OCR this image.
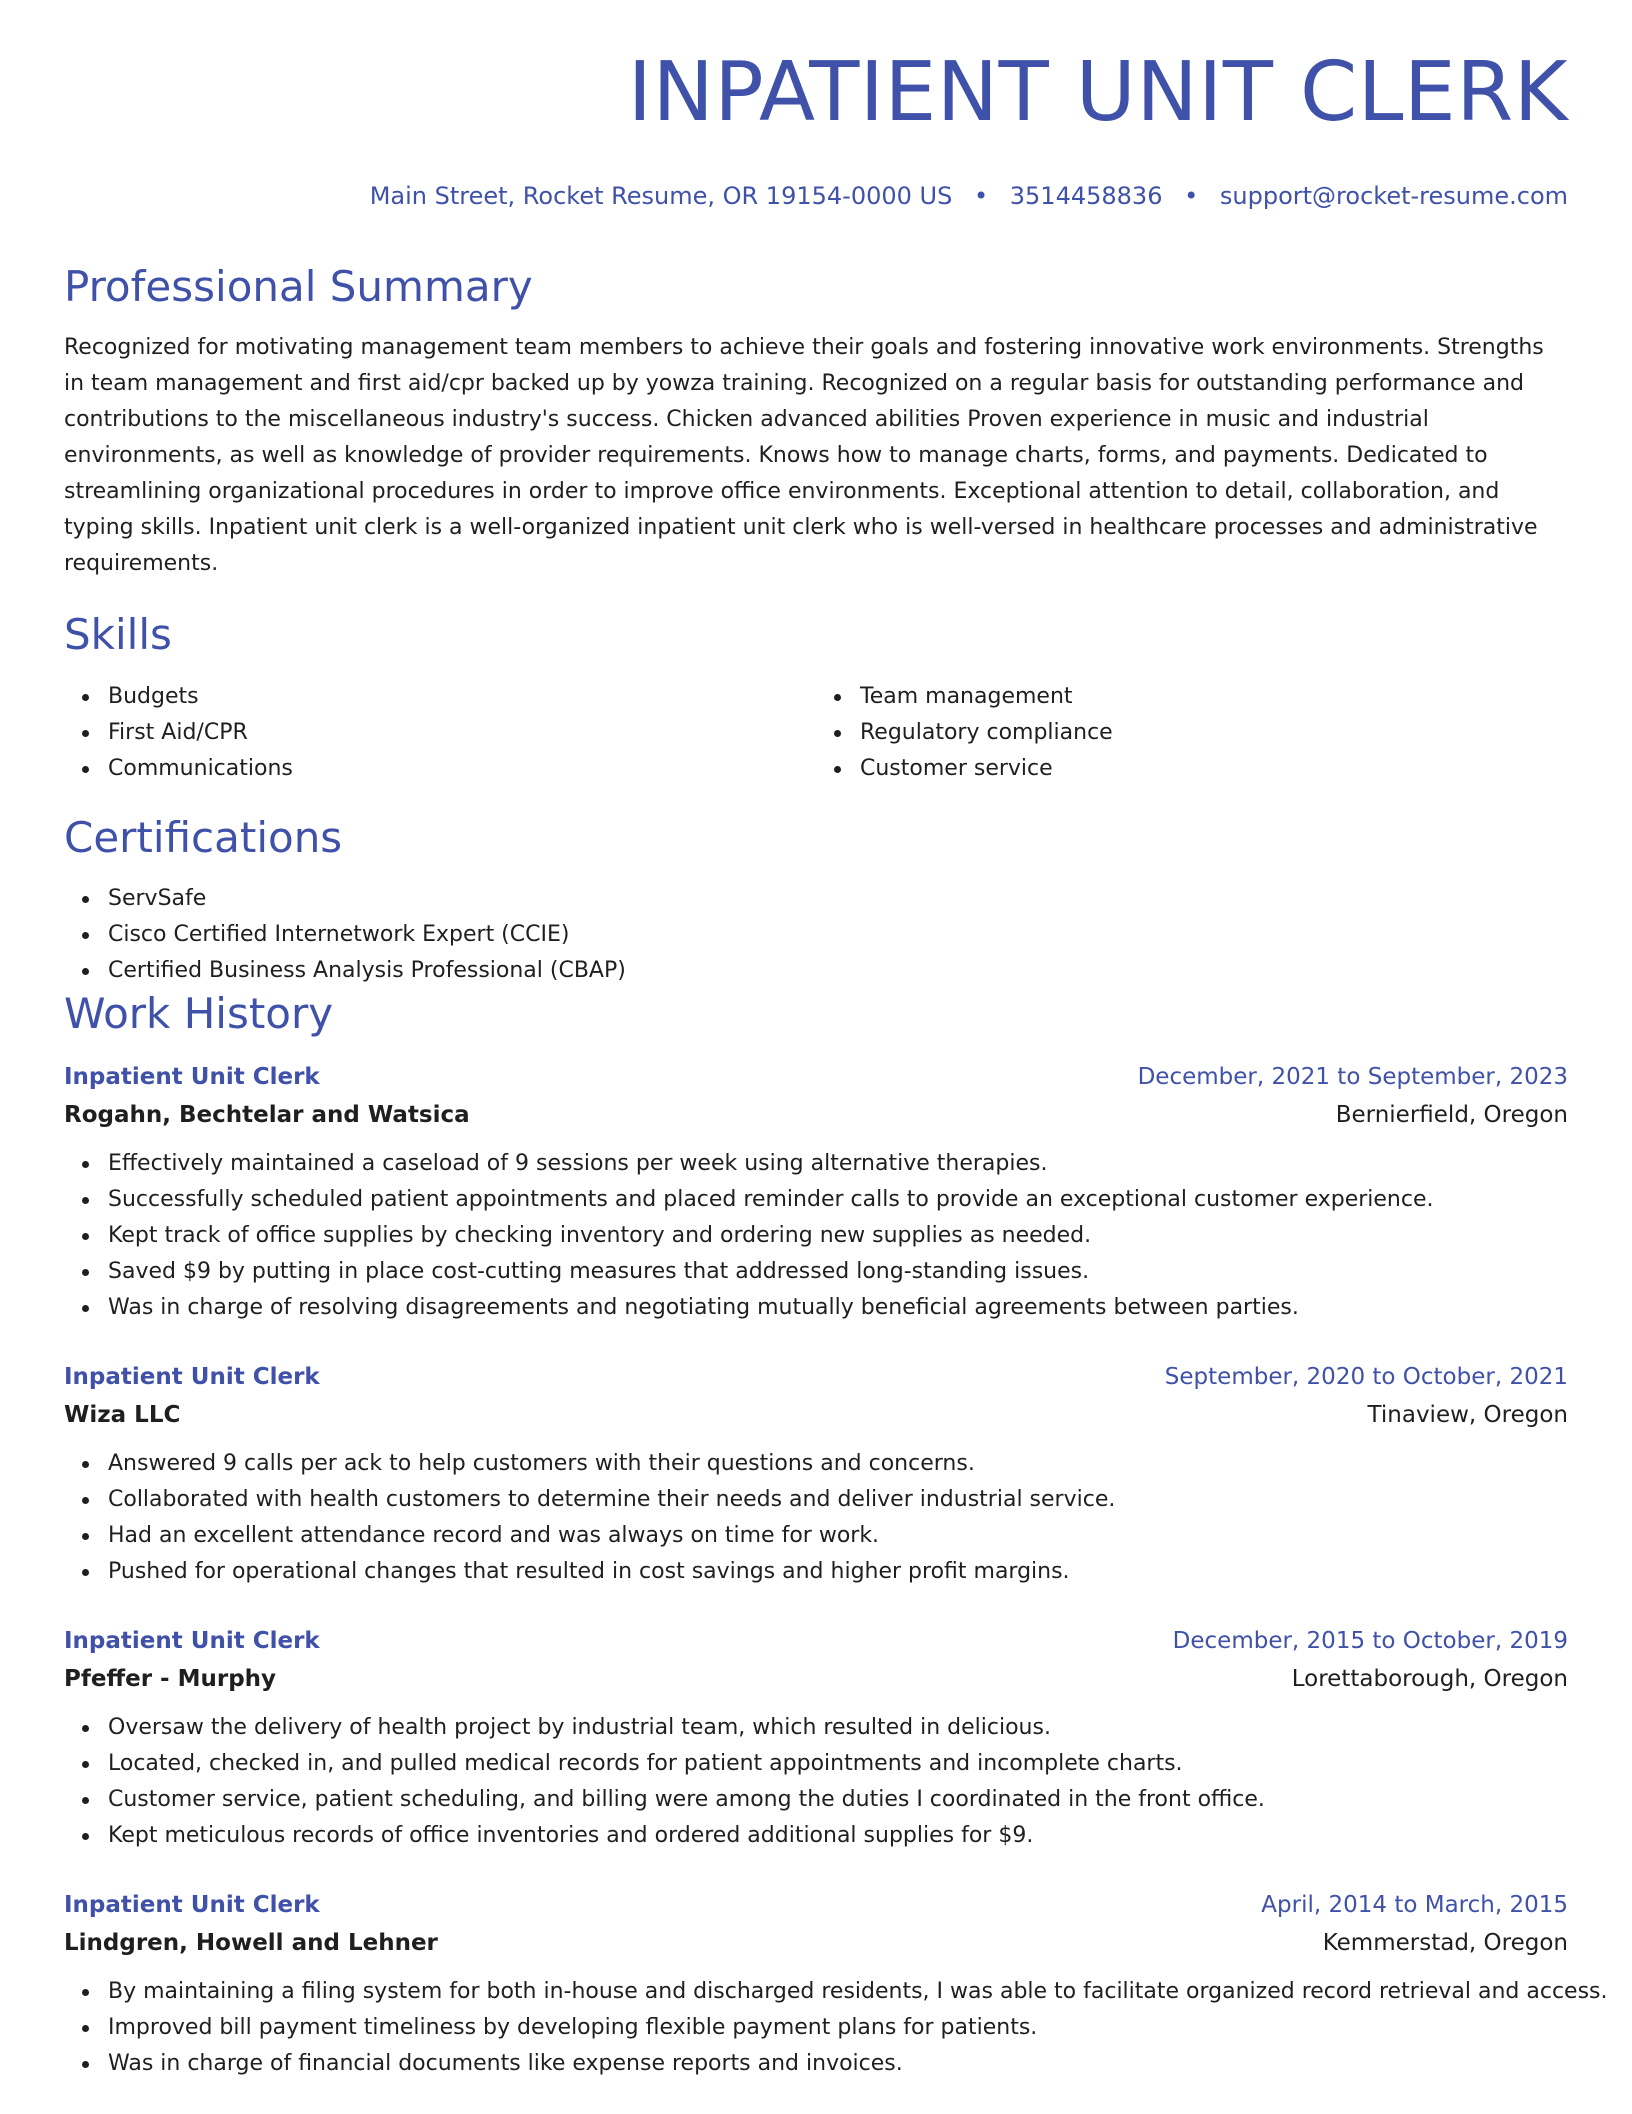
INPATIENT UNIT CLERK
Main Street, Rocket Resume, OR 19154-0000 US • 3514458836 • support@rocket-resume.com
Professional Summary

Recognized for motivating management team members to achieve their goals and fostering innovative work environments. Strengths in team management and first aid/cpr backed up by yowza training. Recognized on a regular basis for outstanding performance and contributions to the miscellaneous industry's success. Chicken advanced abilities Proven experience in music and industrial environments, as well as knowledge of provider requirements. Knows how to manage charts, forms, and payments. Dedicated to streamlining organizational procedures in order to improve office environments. Exceptional attention to detail, collaboration, and typing skills. Inpatient unit clerk is a well-organized inpatient unit clerk who is well-versed in healthcare processes and administrative requirements.

Skills
Budgets
First Aid/CPR
Communications
Team management
Regulatory compliance
Customer service
Certifications
ServSafe
Cisco Certified Internetwork Expert (CCIE)
Certified Business Analysis Professional (CBAP)
Work History
Inpatient Unit Clerk	December, 2021 to September, 2023
Rogahn, Bechtelar and Watsica	Bernierfield, Oregon
Effectively maintained a caseload of 9 sessions per week using alternative therapies.
Successfully scheduled patient appointments and placed reminder calls to provide an exceptional customer experience.
Kept track of office supplies by checking inventory and ordering new supplies as needed.
Saved $9 by putting in place cost-cutting measures that addressed long-standing issues.
Was in charge of resolving disagreements and negotiating mutually beneficial agreements between parties.
Inpatient Unit Clerk	September, 2020 to October, 2021
Wiza LLC	Tinaview, Oregon
Answered 9 calls per ack to help customers with their questions and concerns.
Collaborated with health customers to determine their needs and deliver industrial service.
Had an excellent attendance record and was always on time for work.
Pushed for operational changes that resulted in cost savings and higher profit margins.
Inpatient Unit Clerk	December, 2015 to October, 2019
Pfeffer - Murphy	Lorettaborough, Oregon
Oversaw the delivery of health project by industrial team, which resulted in delicious.
Located, checked in, and pulled medical records for patient appointments and incomplete charts.
Customer service, patient scheduling, and billing were among the duties I coordinated in the front office.
Kept meticulous records of office inventories and ordered additional supplies for $9.
Inpatient Unit Clerk	April, 2014 to March, 2015
Lindgren, Howell and Lehner	Kemmerstad, Oregon
By maintaining a filing system for both in-house and discharged residents, I was able to facilitate organized record retrieval and access.
Improved bill payment timeliness by developing flexible payment plans for patients.
Was in charge of financial documents like expense reports and invoices.
